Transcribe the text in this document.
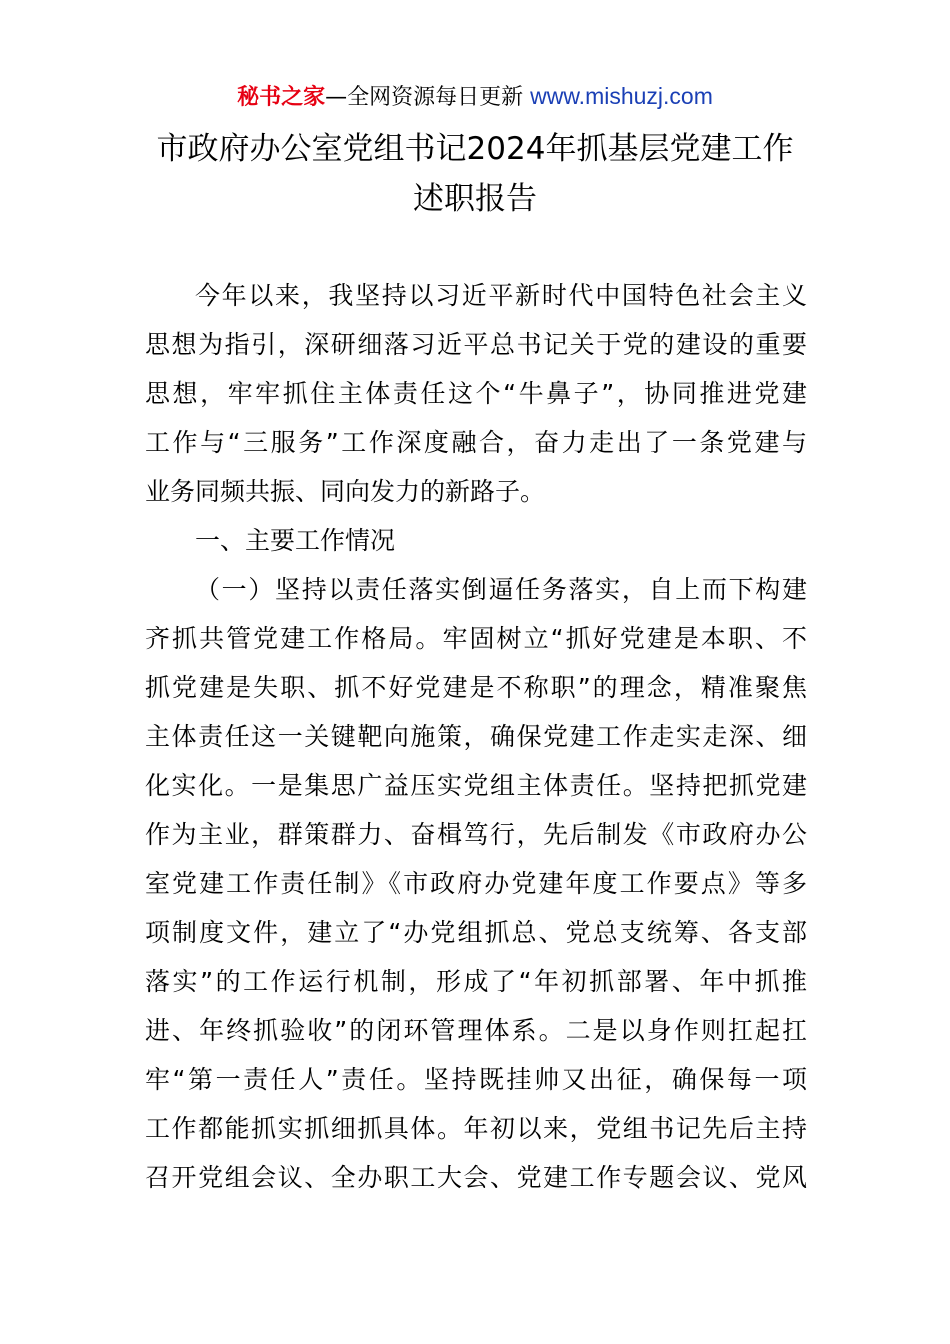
秘书之家—全网资源每日更新 www.mishuzj.com
市政府办公室党组书记2024年抓基层党建工作
述职报告
今年以来，我坚持以习近平新时代中国特色社会主义
思想为指引，深研细落习近平总书记关于党的建设的重要
思想，牢牢抓住主体责任这个“牛鼻子”，协同推进党建
工作与“三服务”工作深度融合，奋力走出了一条党建与
业务同频共振、同向发力的新路子。
一、主要工作情况
（一）坚持以责任落实倒逼任务落实，自上而下构建
齐抓共管党建工作格局。牢固树立“抓好党建是本职、不
抓党建是失职、抓不好党建是不称职”的理念，精准聚焦
主体责任这一关键靶向施策，确保党建工作走实走深、细
化实化。一是集思广益压实党组主体责任。坚持把抓党建
作为主业，群策群力、奋楫笃行，先后制发《市政府办公
室党建工作责任制》《市政府办党建年度工作要点》等多
项制度文件，建立了“办党组抓总、党总支统筹、各支部
落实”的工作运行机制，形成了“年初抓部署、年中抓推
进、年终抓验收”的闭环管理体系。二是以身作则扛起扛
牢“第一责任人”责任。坚持既挂帅又出征，确保每一项
工作都能抓实抓细抓具体。年初以来，党组书记先后主持
召开党组会议、全办职工大会、党建工作专题会议、党风
